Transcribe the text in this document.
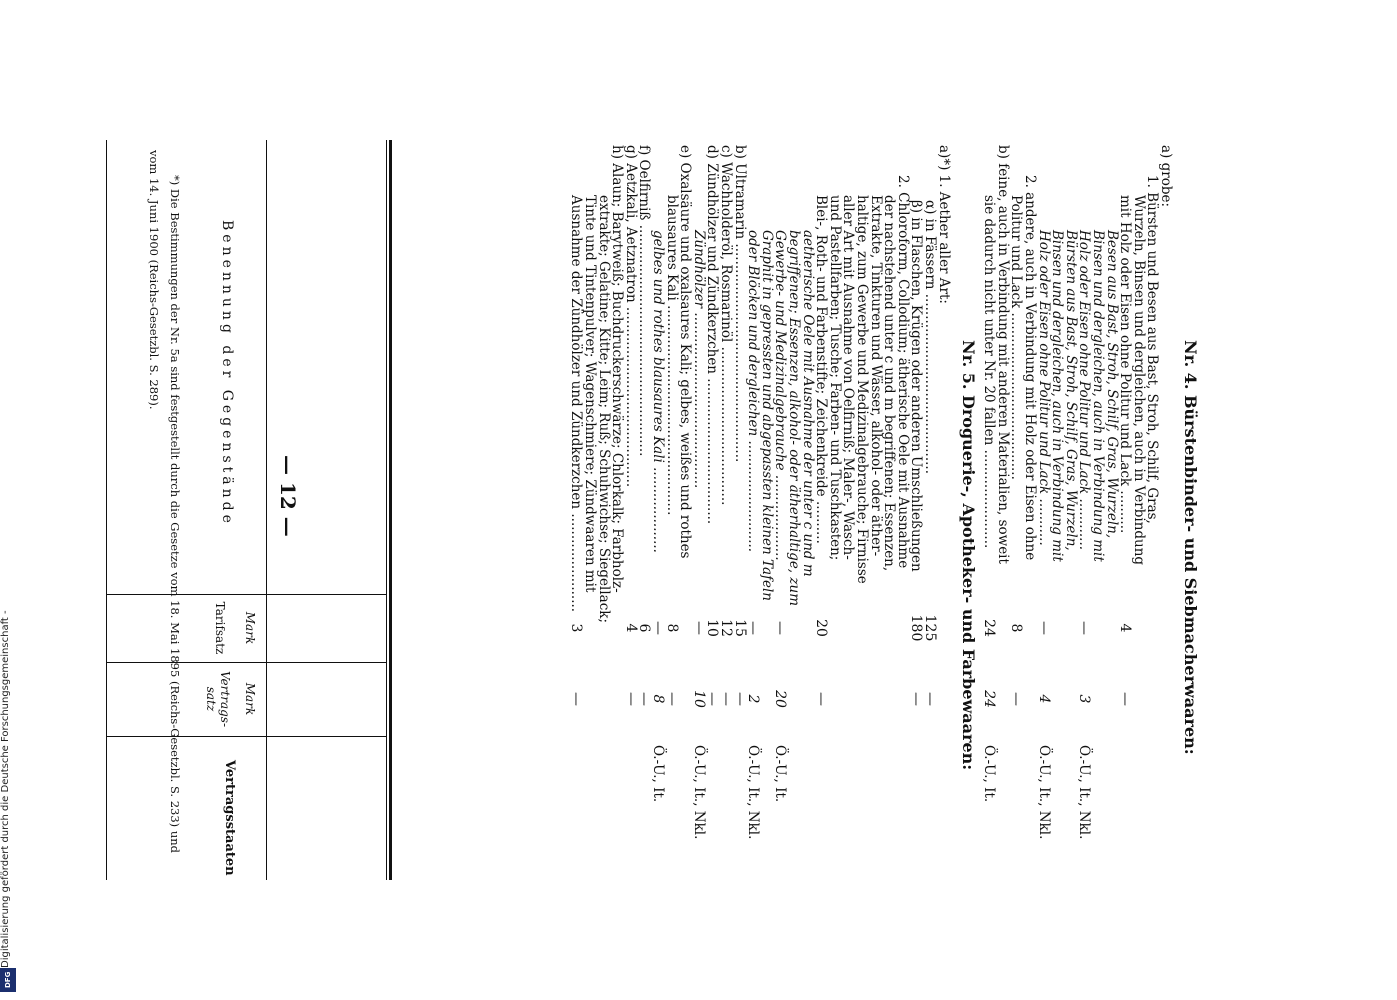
— 12 —
Benennung der Gegenstände
Tarifsatz Mark
Vertrags-satz	Mark
Vertragsstaaten
Nr. 4. Bürstenbinder- und Siebmacherwaaren:
a) grobe:
1. Bürsten und Besen aus Bast, Stroh, Schilf, Gras,
Wurzeln, Binsen und dergleichen, auch in Verbindung
mit Holz oder Eisen ohne Politur und Lack ..........
4
—
Besen aus Bast, Stroh, Schilf, Gras, Wurzeln,
Binsen und dergleichen, auch in Verbindung mit
Holz oder Eisen ohne Politur und Lack ............
—
3
Ö.-U., It., Nkl.
Bürsten aus Bast, Stroh, Schilf, Gras, Wurzeln,
Binsen und dergleichen, auch in Verbindung mit
Holz oder Eisen ohne Politur und Lack ...........
—
4
Ö.-U., It., Nkl.
2. andere, auch in Verbindung mit Holz oder Eisen ohne
Politur und Lack .......................................
8
—
b) feine, auch in Verbindung mit anderen Materialien, soweit
sie dadurch nicht unter Nr. 20 fallen .......................
24
24
Ö.-U., It.
Nr. 5. Droguerie-, Apotheker- und Farbewaaren:
a)*) 1. Aether aller Art:
α) in Fässern ..........................................
125
—
β) in Flaschen, Krügen oder anderen Umschließungen
180
—
2. Chloroform, Collodium; ätherische Oele mit Ausnahme
der nachstehend unter c und m begriffenen; Essenzen,
Extrakte, Tinkturen und Wässer, alkohol- oder äther-
haltige, zum Gewerbe und Medizinalgebrauche; Firnisse
aller Art mit Ausnahme von Oelfirniß; Maler-, Wasch-
und Pastellfarben; Tusche; Farben- und Tuschkasten;
Blei-, Roth- und Farbenstifte; Zeichenkreide ..........
20
—
aetherische Oele mit Ausnahme der unter c und m
begriffenen; Essenzen, alkohol- oder ätherhaltige, zum
Gewerbe- und Medizinalgebrauche ....................
—
20
Ö.-U., It.
Graphit in gepressten und abgepassten kleinen Tafeln
oder Blöcken und dergleichen ..........................
—
2
Ö.-U., It., Nkl.
b) Ultramarin ...................................................
15
—
c) Wachholderöl, Rosmarinöl .....................................
12
—
d) Zündhölzer und Zündkerzchen ..................................
10
—
Zündhölzer .........................................
—
10
Ö.-U., It., Nkl.
e) Oxalsäure und oxalsaures Kali; gelbes, weißes und rothes
blausaures Kali .................................................
8
—
gelbes und rothes blausaures Kali ....................
—
8
Ö.-U., It.
f) Oelfirniß ......................................................
6
—
g) Aetzkali, Aetznatron ..........................................
4
—
h) Alaun; Barytweiß; Buchdruckerschwärze; Chlorkalk; Farbholz-
extrakte; Gelatine; Kitte; Leim; Ruß; Schuhwichse; Siegellack;
Tinte und Tintenpulver; Wagenschmiere; Zündwaaren mit
Ausnahme der Zündhölzer und Zündkerzchen .......................
3
—
*) Die Bestimmungen der Nr. 5a sind festgestellt durch die Gesetze vom 18. Mai 1895 (Reichs-Gesetzbl. S. 233) und
vom 14. Juni 1900 (Reichs-Gesetzbl. S. 289).
Digitalisierung gefördert durch die Deutsche Forschungsgemeinschaft -
DFG
